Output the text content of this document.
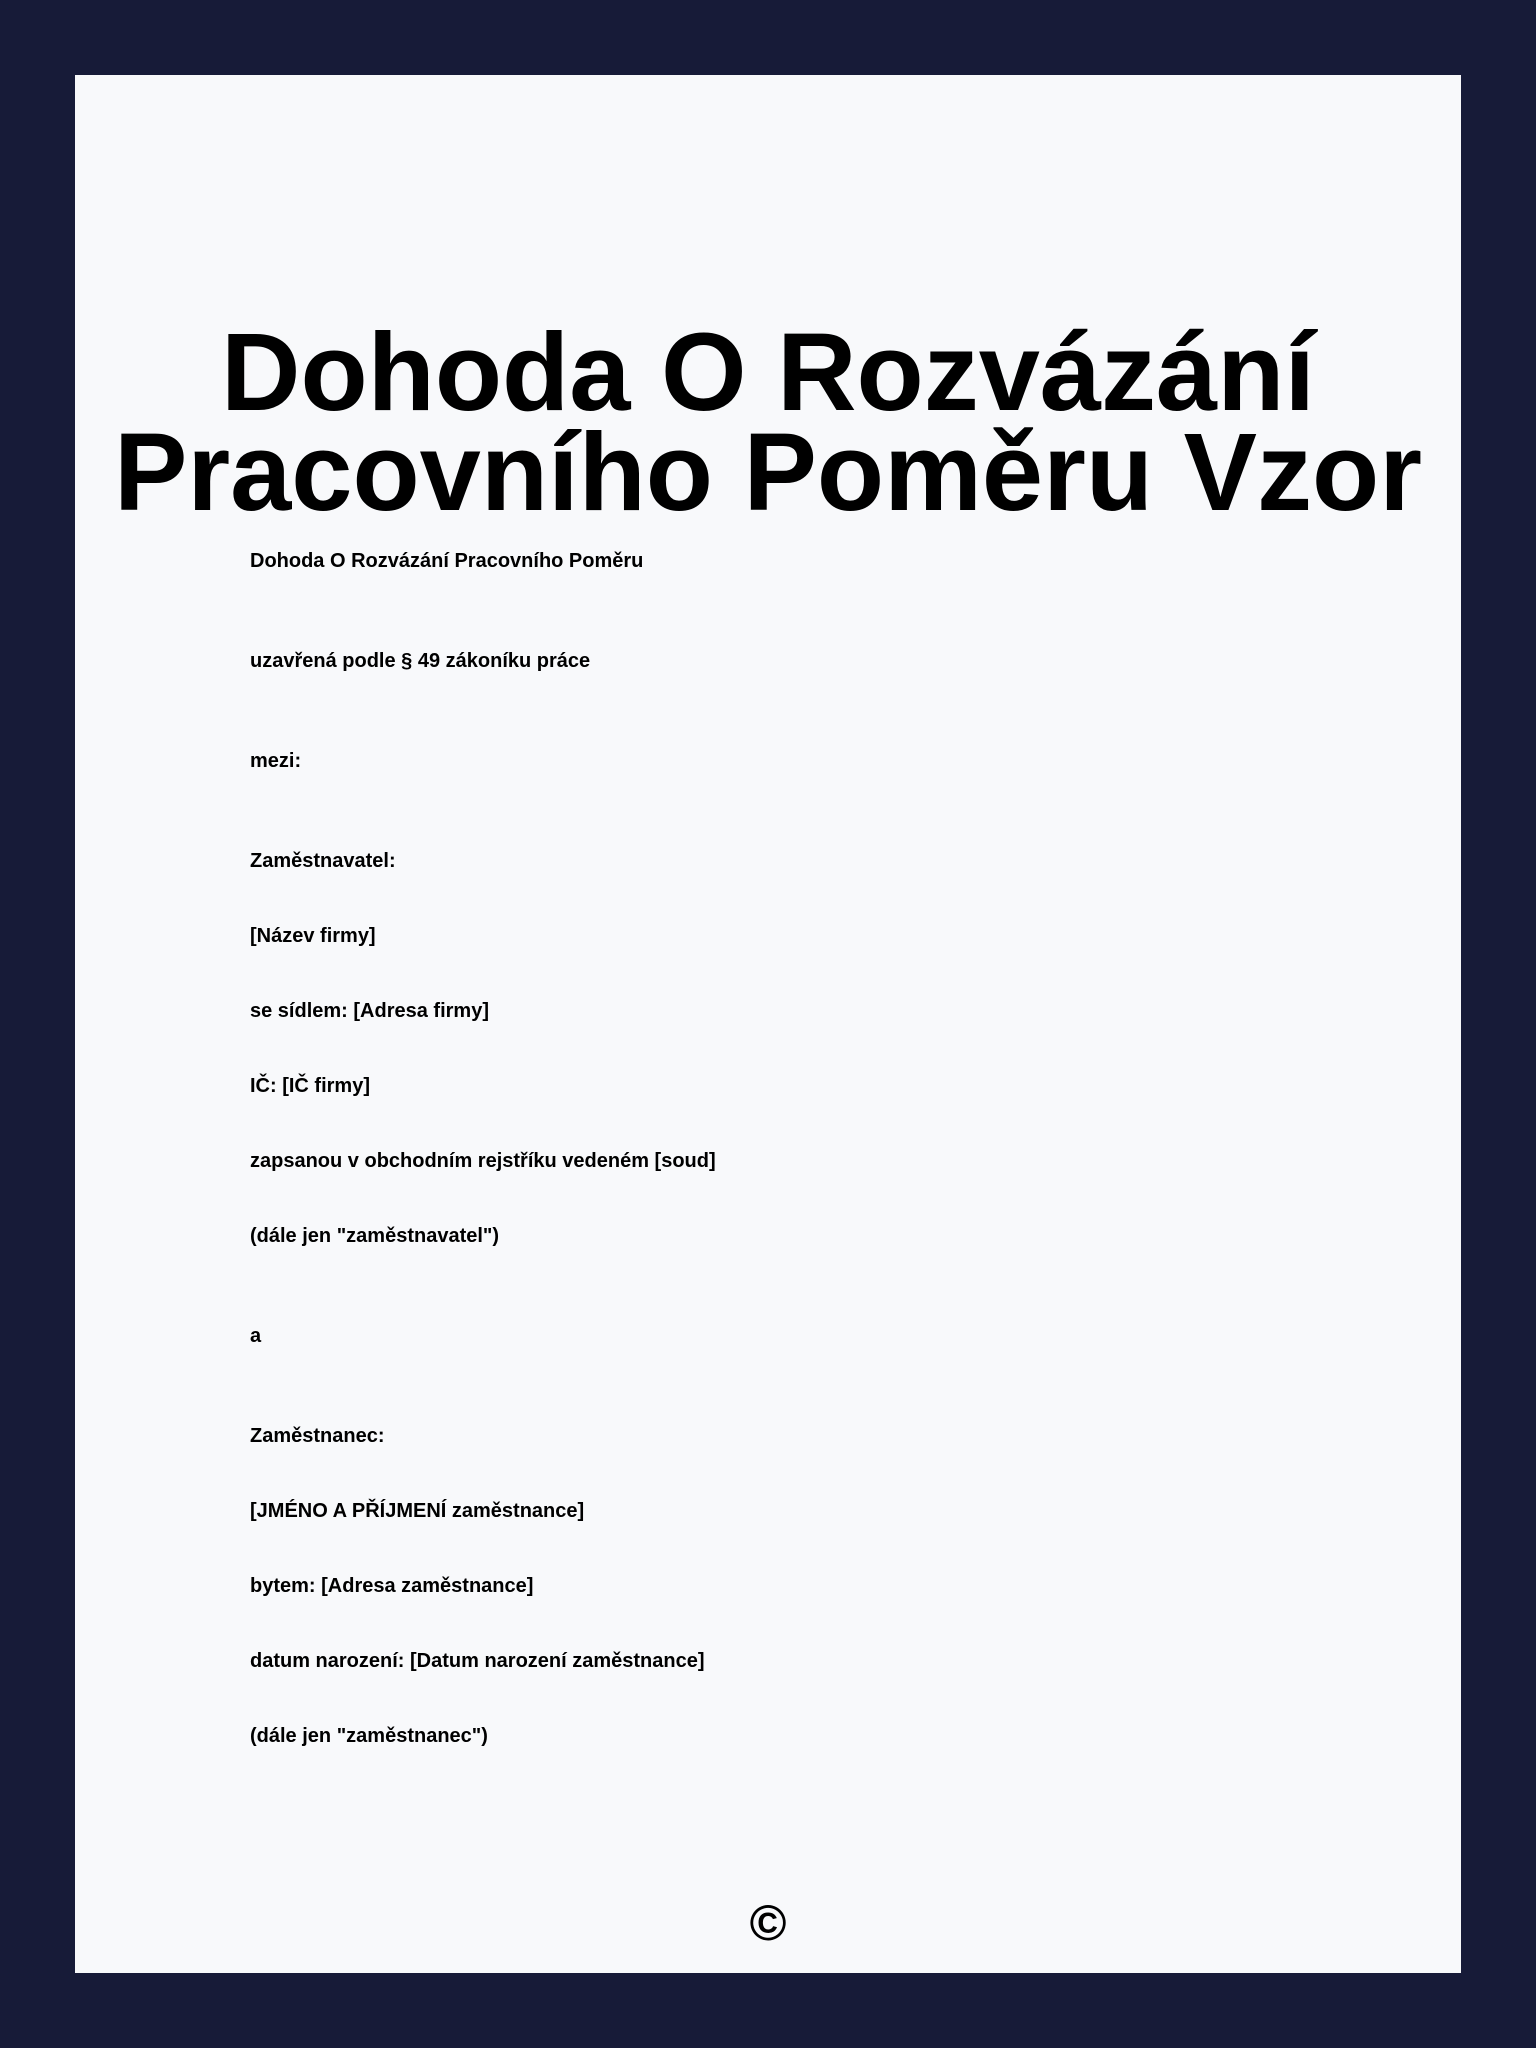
Dohoda O Rozvázání
Pracovního Poměru Vzor

Dohoda O Rozvázání Pracovního Poměru

uzavřená podle § 49 zákoníku práce

mezi:

Zaměstnavatel:

[Název firmy]

se sídlem: [Adresa firmy]

IČ: [IČ firmy]

zapsanou v obchodním rejstříku vedeném [soud]

(dále jen "zaměstnavatel")

a

Zaměstnanec:

[JMÉNO A PŘÍJMENÍ zaměstnance]

bytem: [Adresa zaměstnance]

datum narození: [Datum narození zaměstnance]

(dále jen "zaměstnanec")

©
